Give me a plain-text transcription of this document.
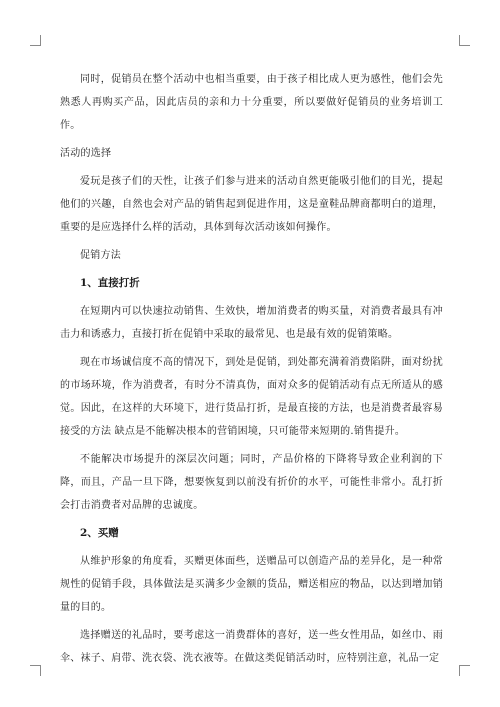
同时，促销员在整个活动中也相当重要，由于孩子相比成人更为感性，他们会先熟悉人再购买产品，因此店员的亲和力十分重要，所以要做好促销员的业务培训工作。

活动的选择

爱玩是孩子们的天性，让孩子们参与进来的活动自然更能吸引他们的目光，提起他们的兴趣，自然也会对产品的销售起到促进作用，这是童鞋品牌商都明白的道理，重要的是应选择什么样的活动，具体到每次活动该如何操作。

促销方法

1、直接打折

在短期内可以快速拉动销售、生效快，增加消费者的购买量，对消费者最具有冲击力和诱惑力，直接打折在促销中采取的最常见、也是最有效的促销策略。

现在市场诚信度不高的情况下，到处是促销，到处都充满着消费陷阱，面对纷扰的市场环境，作为消费者，有时分不清真伪，面对众多的促销活动有点无所适从的感觉。因此，在这样的大环境下，进行货品打折，是最直接的方法，也是消费者最容易接受的方法 缺点是不能解决根本的营销困境，只可能带来短期的.销售提升。

不能解决市场提升的深层次问题；同时，产品价格的下降将导致企业利润的下降，而且，产品一旦下降，想要恢复到以前没有折价的水平，可能性非常小。乱打折会打击消费者对品牌的忠诚度。

2、买赠

从维护形象的角度看，买赠更体面些，送赠品可以创造产品的差异化，是一种常规性的促销手段，具体做法是买满多少金额的货品，赠送相应的物品，以达到增加销量的目的。

选择赠送的礼品时，要考虑这一消费群体的喜好，送一些女性用品，如丝巾、雨伞、袜子、肩带、洗衣袋、洗衣液等。在做这类促销活动时，应特别注意，礼品一定
